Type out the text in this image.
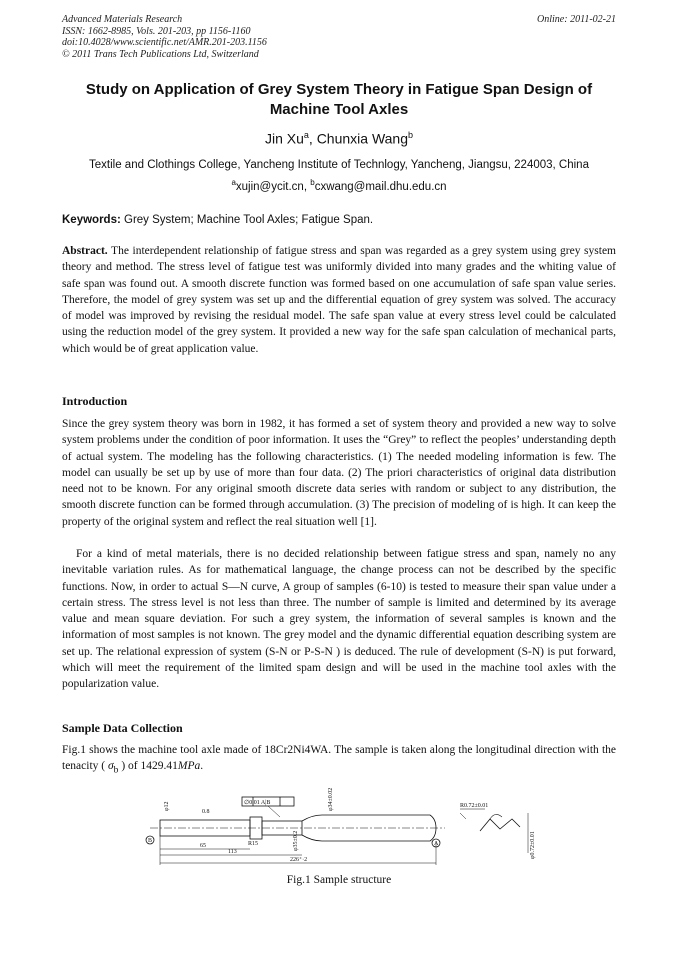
Advanced Materials Research
ISSN: 1662-8985, Vols. 201-203, pp 1156-1160
doi:10.4028/www.scientific.net/AMR.201-203.1156
© 2011 Trans Tech Publications Ltd, Switzerland
Online: 2011-02-21
Study on Application of Grey System Theory in Fatigue Span Design of Machine Tool Axles
Jin Xu$^a$, Chunxia Wang$^b$
Textile and Clothings College, Yancheng Institute of Technlogy, Yancheng, Jiangsu, 224003, China
$^a$xujin@ycit.cn, $^b$cxwang@mail.dhu.edu.cn
Keywords: Grey System; Machine Tool Axles; Fatigue Span.
Abstract. The interdependent relationship of fatigue stress and span was regarded as a grey system using grey system theory and method. The stress level of fatigue test was uniformly divided into many grades and the whiting value of safe span was found out. A smooth discrete function was formed based on one accumulation of safe span value series. Therefore, the model of grey system was set up and the differential equation of grey system was solved. The accuracy of model was improved by revising the residual model. The safe span value at every stress level could be calculated using the reduction model of the grey system. It provided a new way for the safe span calculation of mechanical parts, which would be of great application value.
Introduction
Since the grey system theory was born in 1982, it has formed a set of system theory and provided a new way to solve system problems under the condition of poor information. It uses the “Grey” to reflect the peoples’ understanding depth of actual system. The modeling has the following characteristics. (1) The needed modeling information is few. The model can usually be set up by use of more than four data. (2) The priori characteristics of original data distribution need not to be known. For any original smooth discrete data series with random or subject to any distribution, the smooth discrete function can be formed through accumulation. (3) The precision of modeling of is high. It can keep the property of the original system and reflect the real situation well [1].
For a kind of metal materials, there is no decided relationship between fatigue stress and span, namely no any inevitable variation rules. As for mathematical language, the change process can not be described by the specific functions. Now, in order to actual S—N curve, A group of samples (6-10) is tested to measure their span value under a certain stress. The stress level is not less than three. The number of sample is limited and determined by its average value and mean square deviation. For such a grey system, the information of several samples is known and the information of most samples is not known. The grey model and the dynamic differential equation describing system are set up. The relational expression of system (S-N or P-S-N ) is deduced. The rule of development (S-N) is put forward, which will meet the requirement of the limited spam design and will be used in the machine tool axles with the popularization value.
Sample Data Collection
Fig.1 shows the machine tool axle made of 18Cr2Ni4WA. The sample is taken along the longitudinal direction with the tenacity ( $\sigma_b$ ) of 1429.41MPa.
φ12
0.8
∅0.01 A|B	φ34±0.02
φ35±0.2
R15
65
113
226⁺·2
A
B
R0.72±0.01
φ0.72±0.01
Fig.1 Sample structure
